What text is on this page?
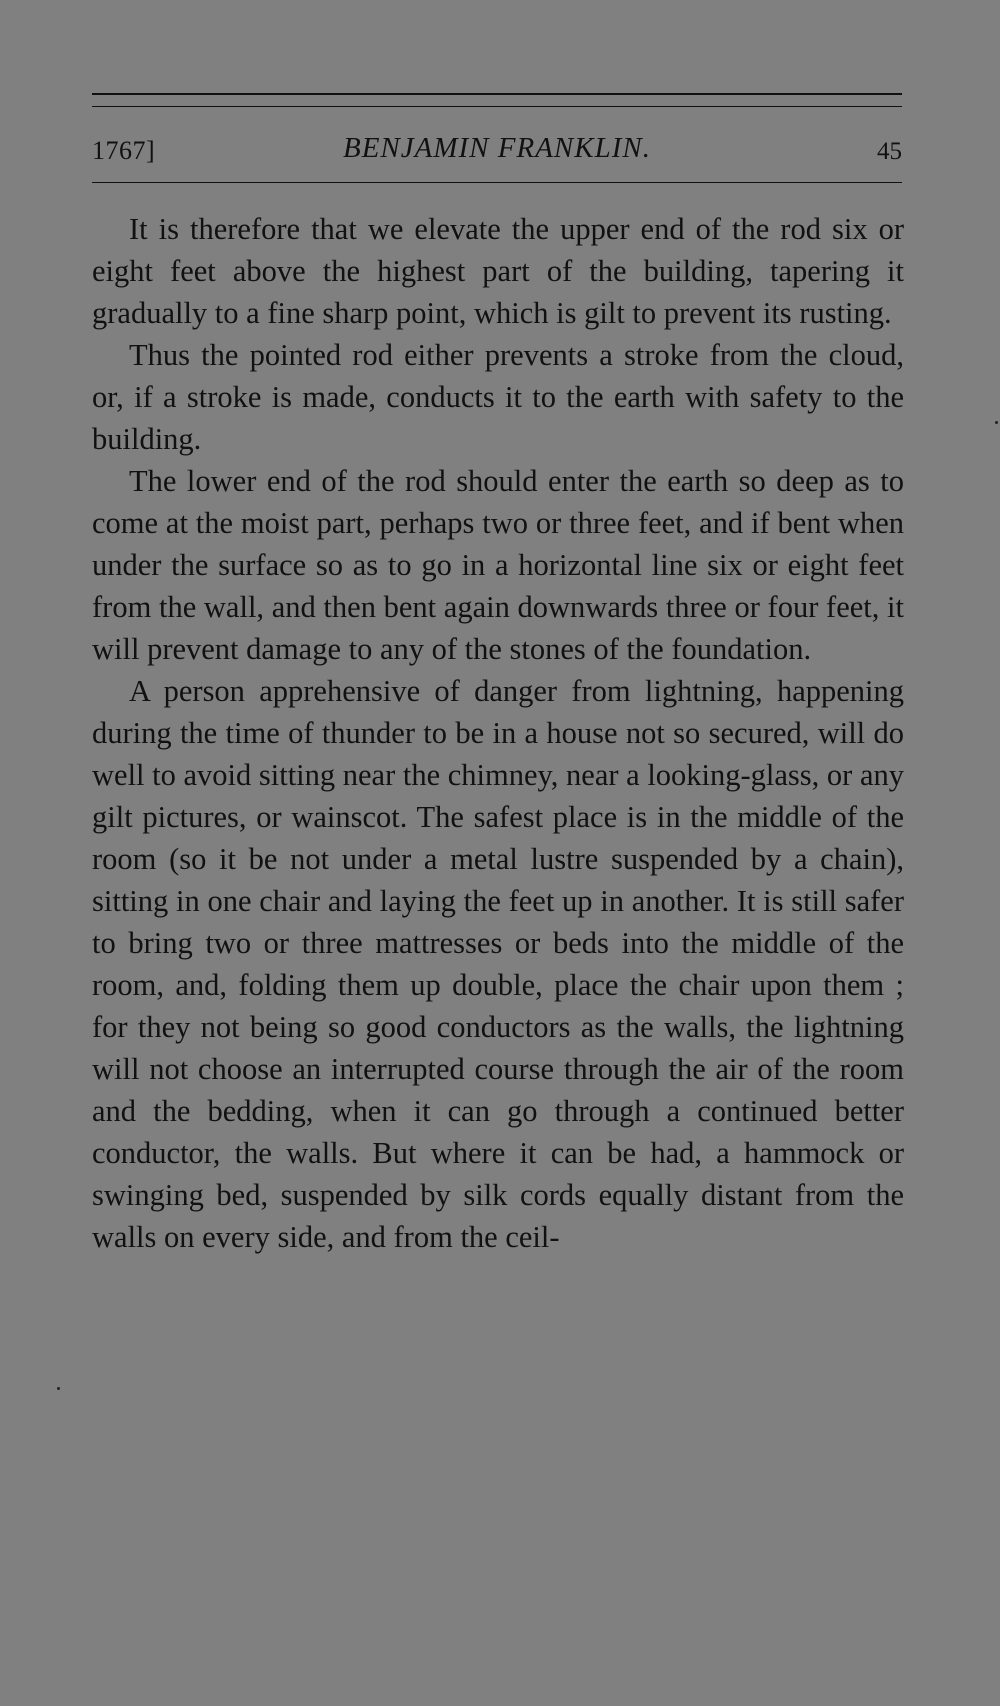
1767]	BENJAMIN FRANKLIN.	45

It is therefore that we elevate the upper end of the rod six or eight feet above the highest part of the building, tapering it gradually to a fine sharp point, which is gilt to prevent its rusting.

Thus the pointed rod either prevents a stroke from the cloud, or, if a stroke is made, conducts it to the earth with safety to the building.

The lower end of the rod should enter the earth so deep as to come at the moist part, perhaps two or three feet, and if bent when under the surface so as to go in a horizontal line six or eight feet from the wall, and then bent again downwards three or four feet, it will prevent damage to any of the stones of the foundation.

A person apprehensive of danger from lightning, happening during the time of thunder to be in a house not so secured, will do well to avoid sitting near the chimney, near a looking-glass, or any gilt pictures, or wainscot. The safest place is in the middle of the room (so it be not under a metal lustre suspended by a chain), sitting in one chair and laying the feet up in another. It is still safer to bring two or three mattresses or beds into the middle of the room, and, folding them up double, place the chair upon them ; for they not being so good conductors as the walls, the lightning will not choose an interrupted course through the air of the room and the bedding, when it can go through a continued better conductor, the walls. But where it can be had, a hammock or swinging bed, suspended by silk cords equally distant from the walls on every side, and from the ceil-
